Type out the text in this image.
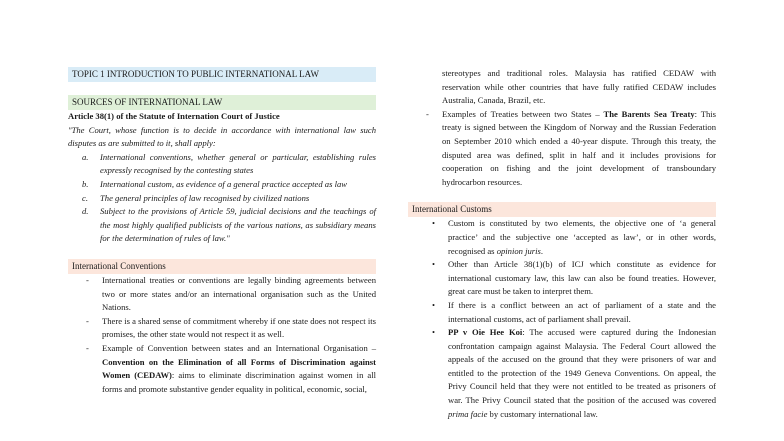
TOPIC 1 INTRODUCTION TO PUBLIC INTERNATIONAL LAW

SOURCES OF INTERNATIONAL LAW

Article 38(1) of the Statute of Internation Court of Justice
"The Court, whose function is to decide in accordance with international law such disputes as are submitted to it, shall apply:
a. International conventions, whether general or particular, establishing rules expressly recognised by the contesting states
b. International custom, as evidence of a general practice accepted as law
c. The general principles of law recognised by civilized nations
d. Subject to the provisions of Article 59, judicial decisions and the teachings of the most highly qualified publicists of the various nations, as subsidiary means for the determination of rules of law."

International Conventions

- International treaties or conventions are legally binding agreements between two or more states and/or an international organisation such as the United Nations.
- There is a shared sense of commitment whereby if one state does not respect its promises, the other state would not respect it as well.
- Example of Convention between states and an International Organisation – Convention on the Elimination of all Forms of Discrimination against Women (CEDAW): aims to eliminate discrimination against women in all forms and promote substantive gender equality in political, economic, social,
stereotypes and traditional roles. Malaysia has ratified CEDAW with reservation while other countries that have fully ratified CEDAW includes Australia, Canada, Brazil, etc.
- Examples of Treaties between two States – The Barents Sea Treaty: This treaty is signed between the Kingdom of Norway and the Russian Federation on September 2010 which ended a 40-year dispute. Through this treaty, the disputed area was defined, split in half and it includes provisions for cooperation on fishing and the joint development of transboundary hydrocarbon resources.

International Customs

• Custom is constituted by two elements, the objective one of ‘a general practice’ and the subjective one ‘accepted as law’, or in other words, recognised as opinion juris.
• Other than Article 38(1)(b) of ICJ which constitute as evidence for international customary law, this law can also be found treaties. However, great care must be taken to interpret them.
• If there is a conflict between an act of parliament of a state and the international customs, act of parliament shall prevail.
• PP v Oie Hee Koi: The accused were captured during the Indonesian confrontation campaign against Malaysia. The Federal Court allowed the appeals of the accused on the ground that they were prisoners of war and entitled to the protection of the 1949 Geneva Conventions. On appeal, the Privy Council held that they were not entitled to be treated as prisoners of war. The Privy Council stated that the position of the accused was covered prima facie by customary international law.
